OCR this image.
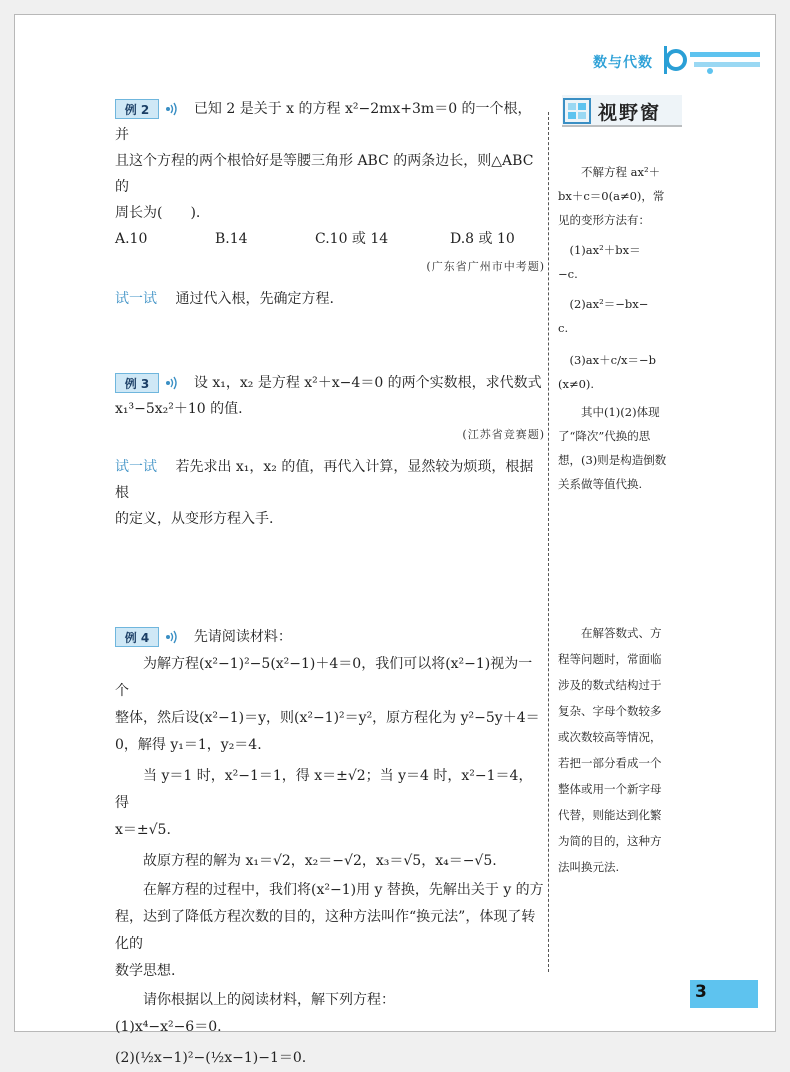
数与代数
例 2	已知 2 是关于 x 的方程 x²−2mx+3m＝0 的一个根，并
且这个方程的两个根恰好是等腰三角形 ABC 的两条边长，则△ABC 的
周长为(　　).
A.10	B.14	C.10 或 14	D.8 或 10
(广东省广州市中考题)
试一试 通过代入根，先确定方程.
例 3	设 x₁，x₂ 是方程 x²＋x−4＝0 的两个实数根，求代数式
x₁³−5x₂²＋10 的值.
(江苏省竞赛题)
试一试 若先求出 x₁，x₂ 的值，再代入计算，显然较为烦琐，根据根
的定义，从变形方程入手.
例 4	先请阅读材料：
为解方程(x²−1)²−5(x²−1)＋4＝0，我们可以将(x²−1)视为一个
整体，然后设(x²−1)＝y，则(x²−1)²＝y²，原方程化为 y²−5y＋4＝
0，解得 y₁＝1，y₂＝4.
当 y＝1 时，x²−1＝1，得 x＝±√2；当 y＝4 时，x²−1＝4，得
x＝±√5.
故原方程的解为 x₁＝√2，x₂＝−√2，x₃＝√5，x₄＝−√5.
在解方程的过程中，我们将(x²−1)用 y 替换，先解出关于 y 的方
程，达到了降低方程次数的目的，这种方法叫作“换元法”，体现了转化的
数学思想.
请你根据以上的阅读材料，解下列方程：
(1)x⁴−x²−6＝0.
(2)(½x−1)²−(½x−1)−1＝0.
视野窗
不解方程 ax²＋
bx＋c＝0(a≠0)，常
见的变形方法有：
(1)ax²＋bx＝
−c.
(2)ax²＝−bx−
c.
(3)ax＋c/x＝−b
(x≠0).
其中(1)(2)体现
了“降次”代换的思
想，(3)则是构造倒数
关系做等值代换.
在解答数式、方
程等问题时，常面临
涉及的数式结构过于
复杂、字母个数较多
或次数较高等情况，
若把一部分看成一个
整体或用一个新字母
代替，则能达到化繁
为简的目的，这种方
法叫换元法.
3
